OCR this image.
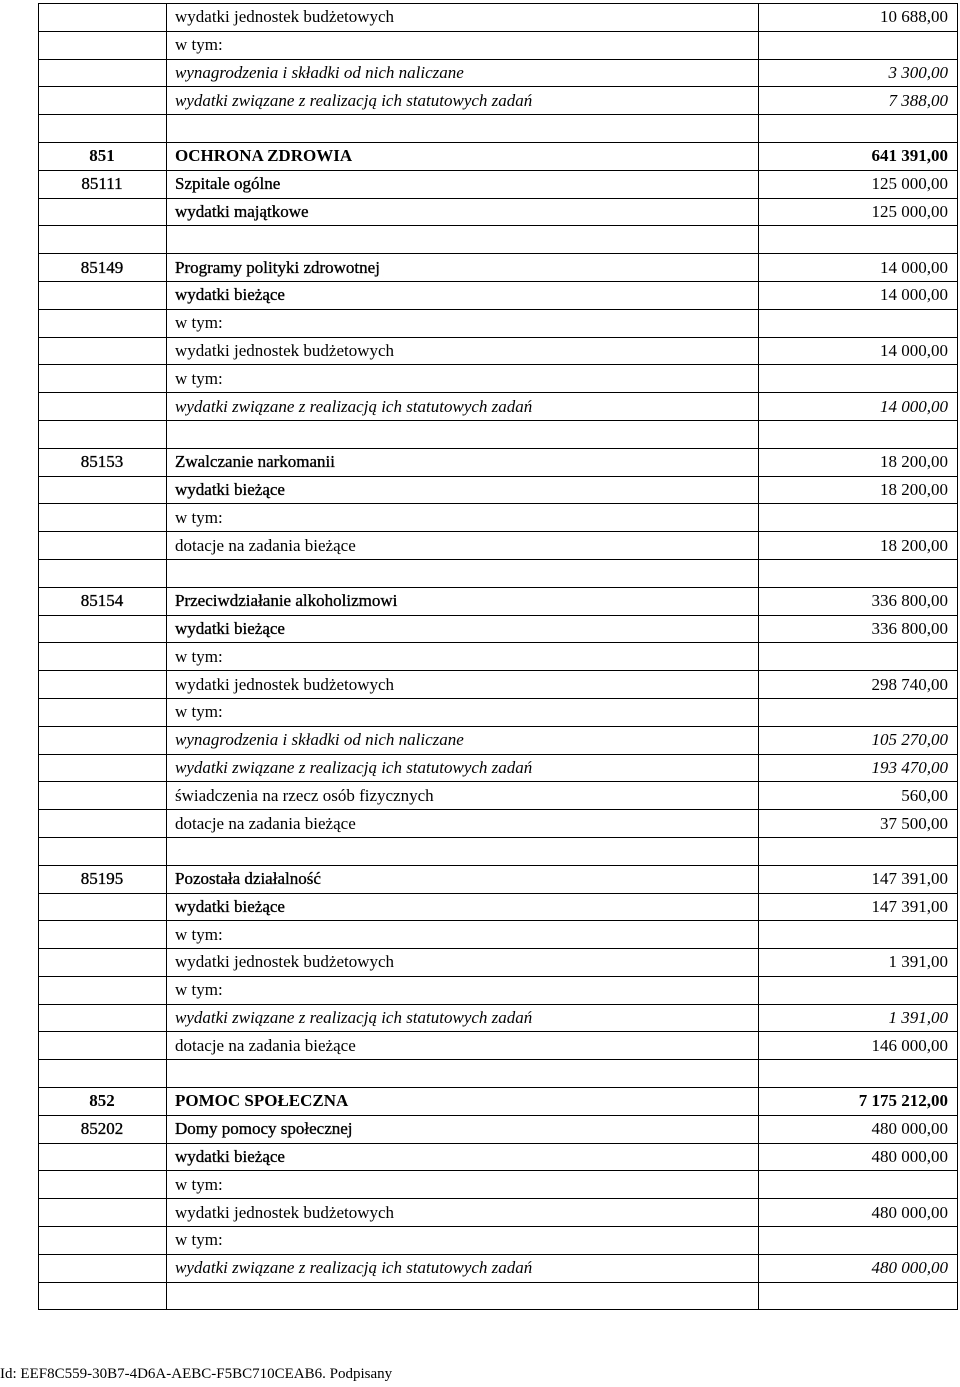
	wydatki jednostek budżetowych	10 688,00
	w tym:	
	wynagrodzenia i składki od nich naliczane	3 300,00
	wydatki związane z realizacją ich statutowych zadań	7 388,00

851	OCHRONA ZDROWIA	641 391,00
85111	Szpitale ogólne	125 000,00
	wydatki majątkowe	125 000,00

85149	Programy polityki zdrowotnej	14 000,00
	wydatki bieżące	14 000,00
	w tym:	
	wydatki jednostek budżetowych	14 000,00
	w tym:	
	wydatki związane z realizacją ich statutowych zadań	14 000,00

85153	Zwalczanie narkomanii	18 200,00
	wydatki bieżące	18 200,00
	w tym:	
	dotacje na zadania bieżące	18 200,00

85154	Przeciwdziałanie alkoholizmowi	336 800,00
	wydatki bieżące	336 800,00
	w tym:	
	wydatki jednostek budżetowych	298 740,00
	w tym:	
	wynagrodzenia i składki od nich naliczane	105 270,00
	wydatki związane z realizacją ich statutowych zadań	193 470,00
	świadczenia na rzecz osób fizycznych	560,00
	dotacje na zadania bieżące	37 500,00

85195	Pozostała działalność	147 391,00
	wydatki bieżące	147 391,00
	w tym:	
	wydatki jednostek budżetowych	1 391,00
	w tym:	
	wydatki związane z realizacją ich statutowych zadań	1 391,00
	dotacje na zadania bieżące	146 000,00

852	POMOC SPOŁECZNA	7 175 212,00
85202	Domy pomocy społecznej	480 000,00
	wydatki bieżące	480 000,00
	w tym:	
	wydatki jednostek budżetowych	480 000,00
	w tym:	
	wydatki związane z realizacją ich statutowych zadań	480 000,00

Id: EEF8C559-30B7-4D6A-AEBC-F5BC710CEAB6. Podpisany
